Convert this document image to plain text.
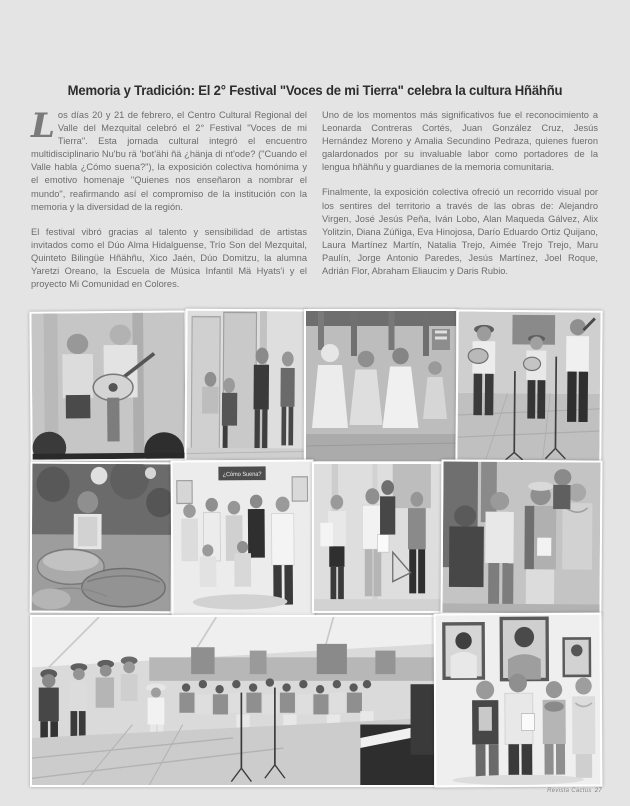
Memoria y Tradición: El 2° Festival "Voces de mi Tierra" celebra la cultura Hñähñu

Los días 20 y 21 de febrero, el Centro Cultural Regional del Valle del Mezquital celebró el 2° Festival "Voces de mi Tierra". Esta jornada cultural integró el encuentro multidisciplinario Nu'bu rä 'bot'ähi ñä ¿hänja di nt'ode? ("Cuando el Valle habla ¿Cómo suena?"), la exposición colectiva homónima y el emotivo homenaje "Quienes nos enseñaron a nombrar el mundo", reafirmando así el compromiso de la institución con la memoria y la diversidad de la región.

El festival vibró gracias al talento y sensibilidad de artistas invitados como el Dúo Alma Hidalguense, Trío Son del Mezquital, Quinteto Bilingüe Hñähñu, Xico Jaén, Dúo Domitzu, la alumna Yaretzi Oreano, la Escuela de Música Infantil Mä Hyats'i y el proyecto Mi Comunidad en Colores.

Uno de los momentos más significativos fue el reconocimiento a Leonarda Contreras Cortés, Juan González Cruz, Jesús Hernández Moreno y Amalia Secundino Pedraza, quienes fueron galardonados por su invaluable labor como portadores de la lengua hñähñu y guardianes de la memoria comunitaria.

Finalmente, la exposición colectiva ofreció un recorrido visual por los sentires del territorio a través de las obras de: Alejandro Virgen, José Jesús Peña, Iván Lobo, Alan Maqueda Gálvez, Alix Yolitzin, Diana Zúñiga, Eva Hinojosa, Darío Eduardo Ortiz Quijano, Laura Martínez Martín, Natalia Trejo, Aimée Trejo Trejo, Maru Paulín, Jorge Antonio Paredes, Jesús Martínez, Joel Roque, Adrián Flor, Abraham Eliaucim y Daris Rubio.

¿Cómo Suena?
Revista Cactus 27
